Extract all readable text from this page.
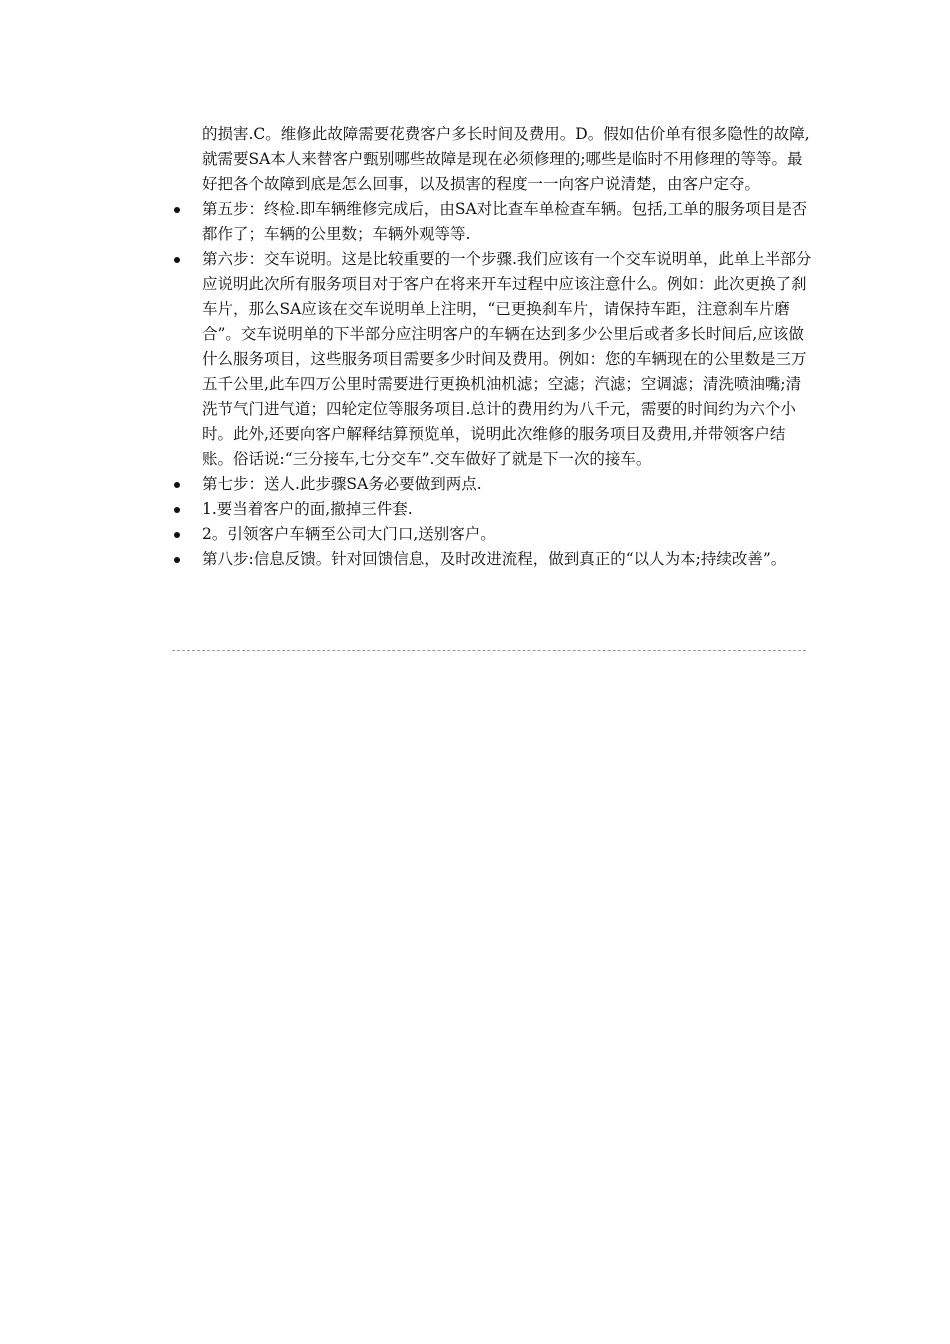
的损害.C。维修此故障需要花费客户多长时间及费用。D。假如估价单有很多隐性的故障,就需要SA本人来替客户甄别哪些故障是现在必须修理的;哪些是临时不用修理的等等。最好把各个故障到底是怎么回事，以及损害的程度一一向客户说清楚，由客户定夺。

第五步：终检.即车辆维修完成后，由SA对比查车单检查车辆。包括,工单的服务项目是否都作了；车辆的公里数；车辆外观等等.

第六步：交车说明。这是比较重要的一个步骤.我们应该有一个交车说明单，此单上半部分应说明此次所有服务项目对于客户在将来开车过程中应该注意什么。例如：此次更换了刹车片，那么SA应该在交车说明单上注明，“已更换刹车片，请保持车距，注意刹车片磨合”。交车说明单的下半部分应注明客户的车辆在达到多少公里后或者多长时间后,应该做什么服务项目，这些服务项目需要多少时间及费用。例如：您的车辆现在的公里数是三万五千公里,此车四万公里时需要进行更换机油机滤；空滤；汽滤；空调滤；清洗喷油嘴;清洗节气门进气道；四轮定位等服务项目.总计的费用约为八千元，需要的时间约为六个小时。此外,还要向客户解释结算预览单，说明此次维修的服务项目及费用,并带领客户结账。俗话说:“三分接车,七分交车”.交车做好了就是下一次的接车。

第七步：送人.此步骤SA务必要做到两点.

1.要当着客户的面,撤掉三件套.

2。引领客户车辆至公司大门口,送别客户。

第八步:信息反馈。针对回馈信息，及时改进流程，做到真正的“以人为本;持续改善”。
